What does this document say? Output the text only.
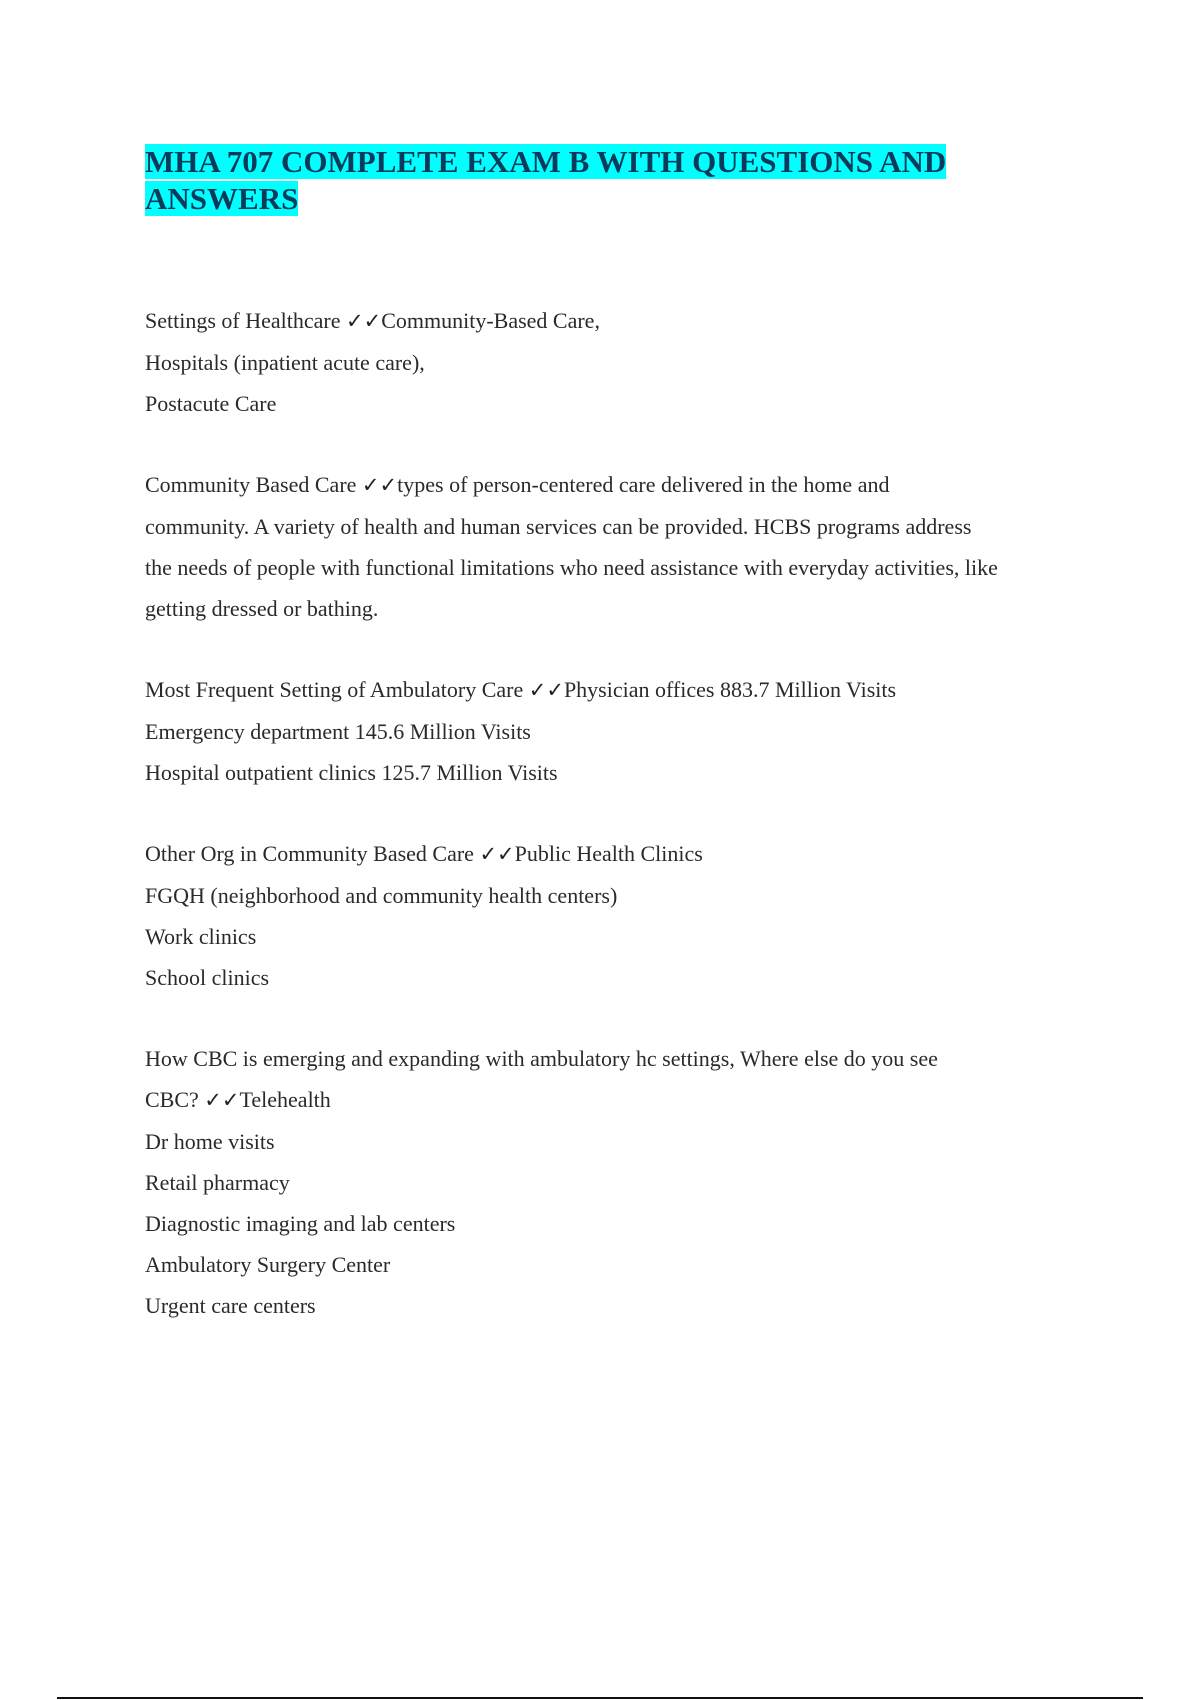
MHA 707 COMPLETE EXAM B WITH QUESTIONS AND ANSWERS
Settings of Healthcare ✓✓Community-Based Care,
Hospitals (inpatient acute care),
Postacute Care
Community Based Care ✓✓types of person-centered care delivered in the home and
community. A variety of health and human services can be provided. HCBS programs address
the needs of people with functional limitations who need assistance with everyday activities, like
getting dressed or bathing.
Most Frequent Setting of Ambulatory Care ✓✓Physician offices 883.7 Million Visits
Emergency department 145.6 Million Visits
Hospital outpatient clinics 125.7 Million Visits
Other Org in Community Based Care ✓✓Public Health Clinics
FGQH (neighborhood and community health centers)
Work clinics
School clinics
How CBC is emerging and expanding with ambulatory hc settings, Where else do you see
CBC? ✓✓Telehealth
Dr home visits
Retail pharmacy
Diagnostic imaging and lab centers
Ambulatory Surgery Center
Urgent care centers
